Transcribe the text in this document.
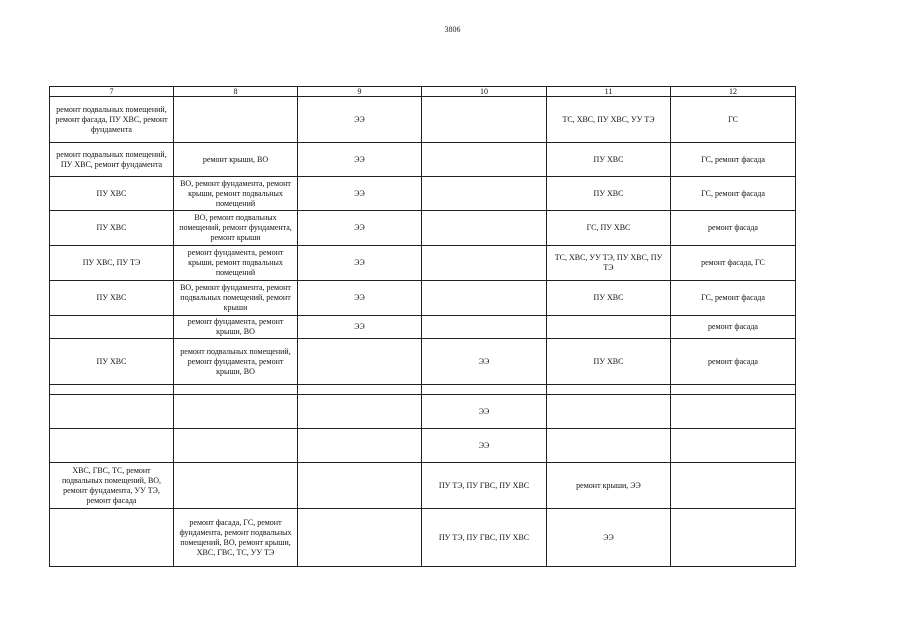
3806
7	8	9	10	11	12
ремонт подвальных помещений, ремонт фасада, ПУ ХВС, ремонт фундамента		ЭЭ		ТС, ХВС, ПУ ХВС, УУ ТЭ	ГС
ремонт подвальных помещений, ПУ ХВС, ремонт фундамента	ремонт крыши, ВО	ЭЭ		ПУ ХВС	ГС, ремонт фасада
ПУ ХВС	ВО, ремонт фундамента, ремонт крыши, ремонт подвальных помещений	ЭЭ		ПУ ХВС	ГС, ремонт фасада
ПУ ХВС	ВО, ремонт подвальных помещений, ремонт фундамента, ремонт крыши	ЭЭ		ГС, ПУ ХВС	ремонт фасада
ПУ ХВС, ПУ ТЭ	ремонт фундамента, ремонт крыши, ремонт подвальных помещений	ЭЭ		ТС, ХВС, УУ ТЭ, ПУ ХВС, ПУ ТЭ	ремонт фасада, ГС
ПУ ХВС	ВО, ремонт фундамента, ремонт подвальных помещений, ремонт крыши	ЭЭ		ПУ ХВС	ГС, ремонт фасада
	ремонт фундамента, ремонт крыши, ВО	ЭЭ			ремонт фасада
ПУ ХВС	ремонт подвальных помещений, ремонт фундамента, ремонт крыши, ВО		ЭЭ	ПУ ХВС	ремонт фасада

			ЭЭ		
			ЭЭ		
ХВС, ГВС, ТС, ремонт подвальных помещений, ВО, ремонт фундамента, УУ ТЭ, ремонт фасада			ПУ ТЭ, ПУ ГВС, ПУ ХВС	ремонт крыши, ЭЭ	
	ремонт фасада, ГС, ремонт фундамента, ремонт подвальных помещений, ВО, ремонт крыши, ХВС, ГВС, ТС, УУ ТЭ		ПУ ТЭ, ПУ ГВС, ПУ ХВС	ЭЭ	
